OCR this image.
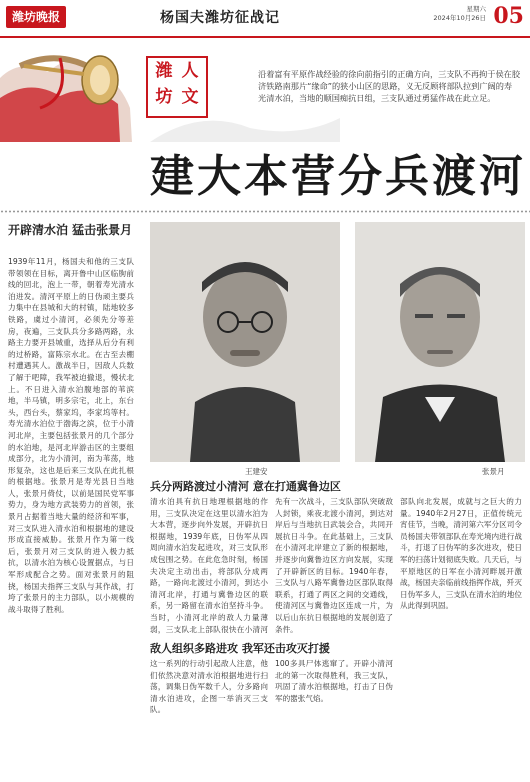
潍坊晚报	杨国夫潍坊征战记
星期六
2024年10月26日 05
潍 人
坊 文
沿着富有平原作战经验的徐向前指引的正确方向，三支队不再拘于侯在胶济铁路南那片“缘命”的狭小山区的思路，义无反顾将部队拉到广阔的寿光清水泊，当地的顺国痴抗日组，三支队通过勇猛作战在此立足。
建大本营分兵渡河
开辟清水泊 猛击张景月
1939年11月，杨国夫和他的三支队带领领在目标，离开鲁中山区临朐前线的回北，泡上一带，朝着寿光清水泊进发。清河平原上的日伪顽主要兵力集中在县城和大的村镇，陆地较多铁路，虞过小清河，必须先分等差房，夜遍，三支队兵分多路两路，永路主力要开县城重，选择从后分有利的过桥路，富陈宗水北。在古至去棚村遭遇其人。激战半日，因敌人兵数了解于吧障，我军被迫撤退，慢状北上。不日进入清水泊腹地部的苇滨地，半马镇，明多宗宅，北上，东台头，西台头，蔡家坞，李家坞等村。寿光清水泊位于渤海之滨，位于小清河北岸，主要包括张景月的几个部分的水泊地，是河北岸游击区的主要组成部分，北为小清河，南为苇荡，地形复杂，这也是后来三支队在此扎根的根据地。张景月是寿光县日当地人，张景月倚仗，以前是国民党军事势力，身为地方武装势力的首领，张景月占据着当地大量的经济和军事，对三支队进入清水泊和根据地的建设形成直接威胁。张景月作为第一线后，张景月对三支队的进入极力抵抗，以清水泊为核心设置据点，与日军形成配合之势。面对张景月的阻挠，杨国夫指挥三支队与其作战，打垮了张景月的主力部队，以小规模的战斗取得了胜利。
王建安	张景月
兵分两路渡过小清河 意在打通冀鲁边区
清水泊具有抗日地理根据地的作用，三支队决定在这里以清水泊为大本营，逐步向外发展，开辟抗日根据地，1939年底，日伪军从四周向清水泊发起进攻，对三支队形成包围之势。在此危急时刻，杨国夫决定主动出击，将部队分成两路，一路向北渡过小清河，到达小清河北岸，打通与冀鲁边区的联系，另一路留在清水泊坚持斗争。当时，小清河北岸的敌人力量薄弱，三支队北上部队很快在小清河
先有一次战斗，三支队部队突破敌人封锁，乘夜北渡小清河，到达对岸后与当地抗日武装会合，共同开展抗日斗争。在此基础上，三支队在小清河北岸建立了新的根据地，并逐步向冀鲁边区方向发展，实现了开辟新区的目标。1940年春，三支队与八路军冀鲁边区部队取得联系，打通了两区之间的交通线，使清河区与冀鲁边区连成一片，为以后山东抗日根据地的发展创造了条件。
部队向北发展，成就与之巨大的力量。1940年2月27日，正值传统元宵佳节，当晚，清河第六军分区司令员杨国夫带领部队在寿光境内进行战斗，打退了日伪军的多次进攻，使日军的扫荡计划彻底失败。几天后，与平原地区的日军在小清河畔展开激战，杨国夫亲临前线指挥作战，歼灭日伪军多人，三支队在清水泊的地位从此得到巩固。
敌人组织多路进攻 我军还击攻灭打援
这一系列的行动引起敌人注意，他们依然决意对清水泊根据地进行扫荡，调集日伪军数千人，分多路向清水泊进攻，企图一举消灭三支队。
100多具尸体逃窜了。开辟小清河北的第一次取得胜利，我三支队，巩固了清水泊根据地，打击了日伪军的嚣张气焰。
